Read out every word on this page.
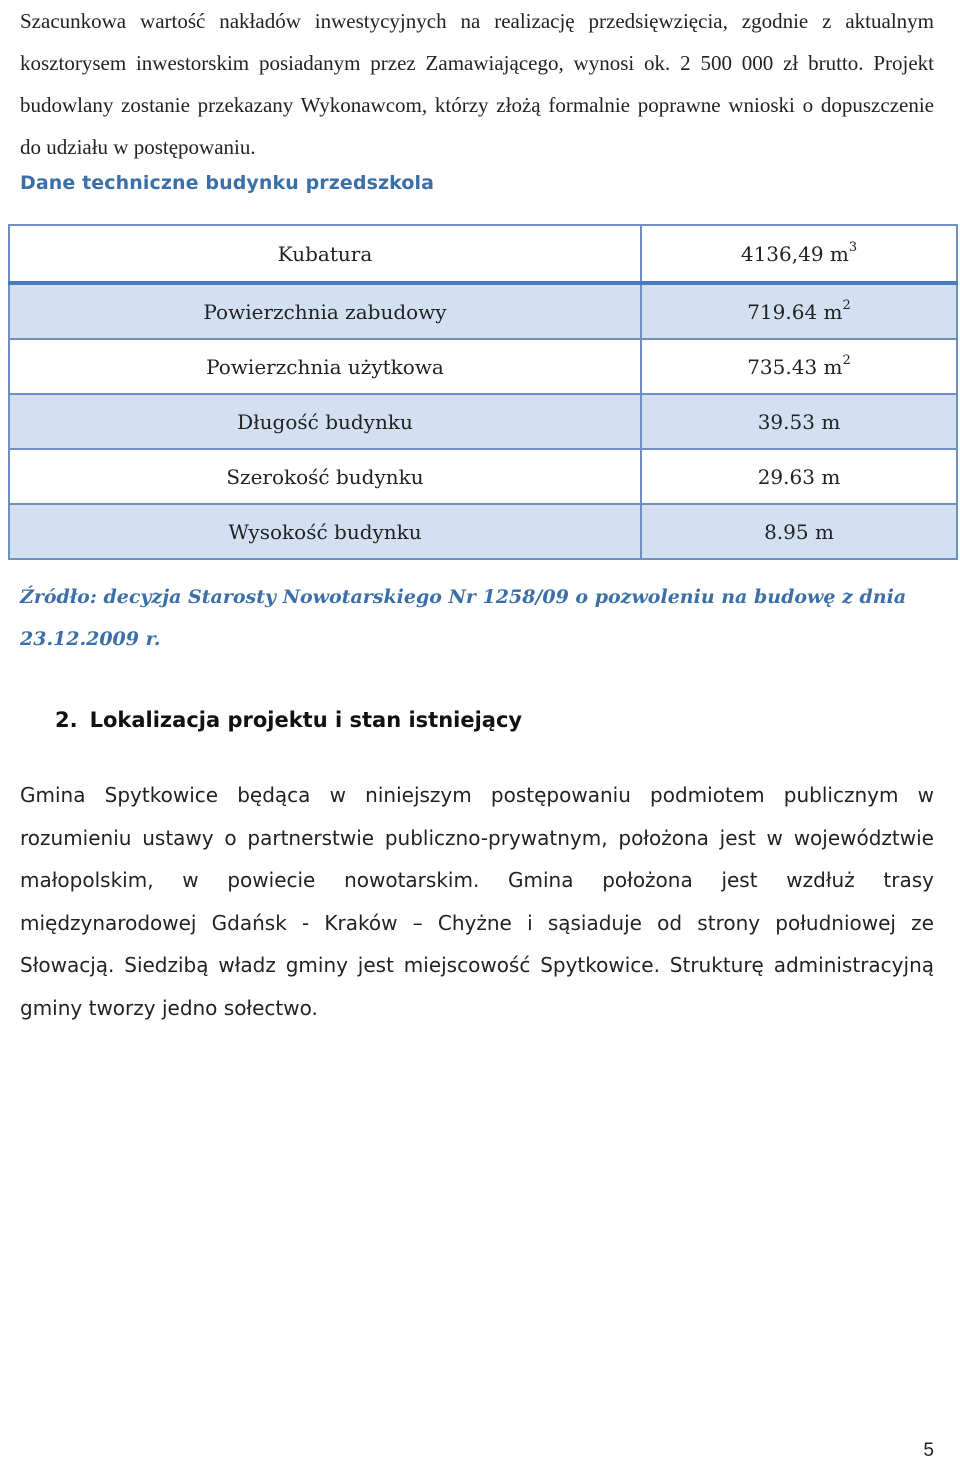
Szacunkowa wartość nakładów inwestycyjnych na realizację przedsięwzięcia, zgodnie z aktualnym kosztorysem inwestorskim posiadanym przez Zamawiającego, wynosi ok. 2 500 000 zł brutto. Projekt budowlany zostanie przekazany Wykonawcom, którzy złożą formalnie poprawne wnioski o dopuszczenie do udziału w postępowaniu.

Dane techniczne budynku przedszkola
Kubatura	4136,49 $m^3$
Powierzchnia zabudowy	719.64 $m^2$
Powierzchnia użytkowa	735.43 $m^2$
Długość budynku	39.53 m
Szerokość budynku	29.63 m
Wysokość budynku	8.95 m
Źródło: decyzja Starosty Nowotarskiego Nr 1258/09 o pozwoleniu na budowę z dnia 23.12.2009 r.
2. Lokalizacja projektu i stan istniejący

Gmina Spytkowice będąca w niniejszym postępowaniu podmiotem publicznym w rozumieniu ustawy o partnerstwie publiczno-prywatnym, położona jest w województwie małopolskim, w powiecie nowotarskim. Gmina położona jest wzdłuż trasy międzynarodowej Gdańsk - Kraków – Chyżne i sąsiaduje od strony południowej ze Słowacją. Siedzibą władz gminy jest miejscowość Spytkowice. Strukturę administracyjną gminy tworzy jedno sołectwo.

5
